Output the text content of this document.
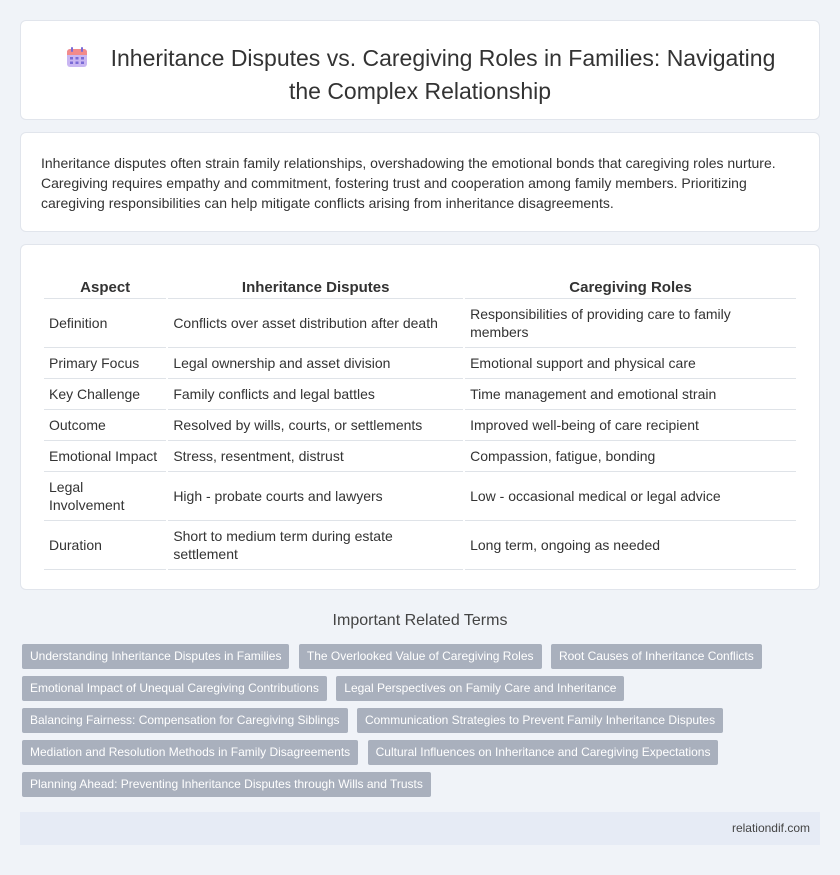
Inheritance Disputes vs. Caregiving Roles in Families: Navigating
the Complex Relationship
Inheritance disputes often strain family relationships, overshadowing the emotional bonds that caregiving roles nurture. Caregiving requires empathy and commitment, fostering trust and cooperation among family members. Prioritizing caregiving responsibilities can help mitigate conflicts arising from inheritance disagreements.
Aspect	Inheritance Disputes	Caregiving Roles
Definition	Conflicts over asset distribution after death	Responsibilities of providing care to family members
Primary Focus	Legal ownership and asset division	Emotional support and physical care
Key Challenge	Family conflicts and legal battles	Time management and emotional strain
Outcome	Resolved by wills, courts, or settlements	Improved well-being of care recipient
Emotional Impact	Stress, resentment, distrust	Compassion, fatigue, bonding
Legal Involvement	High - probate courts and lawyers	Low - occasional medical or legal advice
Duration	Short to medium term during estate settlement	Long term, ongoing as needed
Important Related Terms
Understanding Inheritance Disputes in Families The Overlooked Value of Caregiving Roles Root Causes of Inheritance Conflicts
Emotional Impact of Unequal Caregiving Contributions Legal Perspectives on Family Care and Inheritance
Balancing Fairness: Compensation for Caregiving Siblings Communication Strategies to Prevent Family Inheritance Disputes
Mediation and Resolution Methods in Family Disagreements Cultural Influences on Inheritance and Caregiving Expectations
Planning Ahead: Preventing Inheritance Disputes through Wills and Trusts
relationdif.com
